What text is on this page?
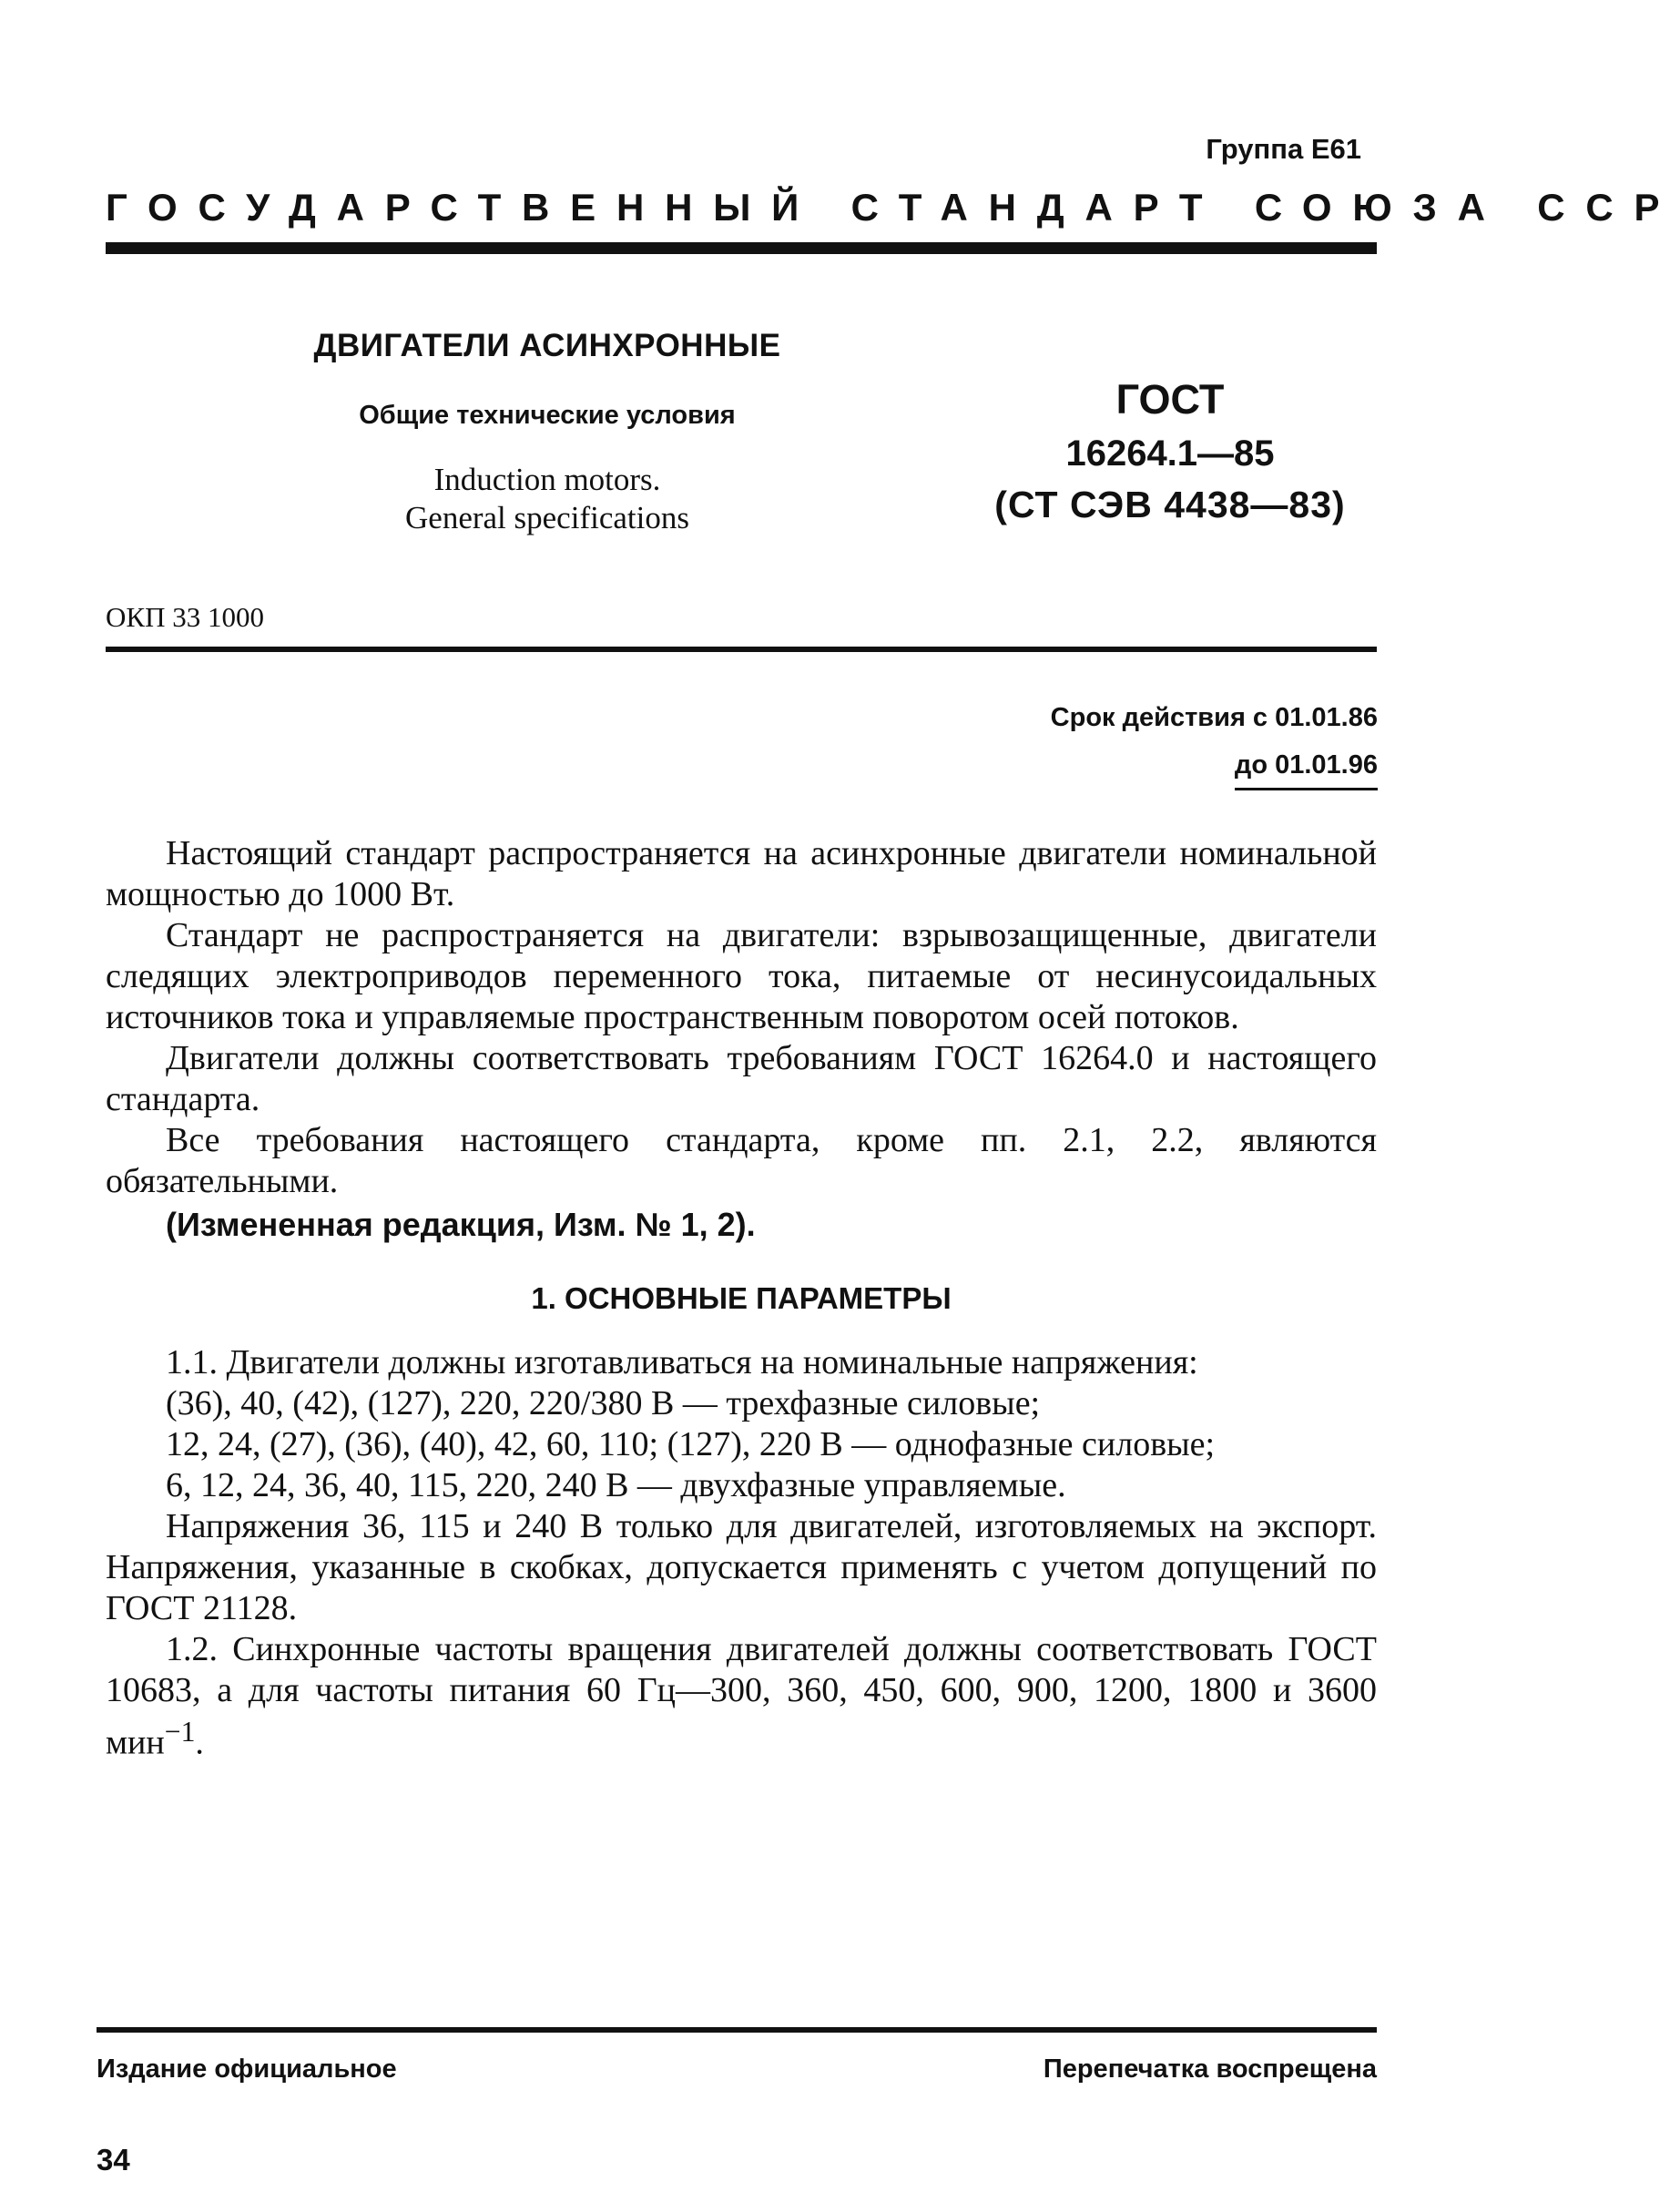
Группа Е61
ГОСУДАРСТВЕННЫЙ СТАНДАРТ СОЮЗА ССР
ДВИГАТЕЛИ АСИНХРОННЫЕ
Общие технические условия
Induction motors.
General specifications
ГОСТ
16264.1—85
(СТ СЭВ 4438—83)
ОКП 33 1000
Срок действия с 01.01.86
до 01.01.96

Настоящий стандарт распространяется на асинхронные двигатели номинальной мощностью до 1000 Вт.

Стандарт не распространяется на двигатели: взрывозащищенные, двигатели следящих электроприводов переменного тока, питаемые от несинусоидальных источников тока и управляемые пространственным поворотом осей потоков.

Двигатели должны соответствовать требованиям ГОСТ 16264.0 и настоящего стандарта.

Все требования настоящего стандарта, кроме пп. 2.1, 2.2, являются обязательными.

(Измененная редакция, Изм. № 1, 2).

1. ОСНОВНЫЕ ПАРАМЕТРЫ

1.1. Двигатели должны изготавливаться на номинальные напряжения:

(36), 40, (42), (127), 220, 220/380 В — трехфазные силовые;

12, 24, (27), (36), (40), 42, 60, 110; (127), 220 В — однофазные силовые;

6, 12, 24, 36, 40, 115, 220, 240 В — двухфазные управляемые.

Напряжения 36, 115 и 240 В только для двигателей, изготовляемых на экспорт. Напряжения, указанные в скобках, допускается применять с учетом допущений по ГОСТ 21128.

1.2. Синхронные частоты вращения двигателей должны соответствовать ГОСТ 10683, а для частоты питания 60 Гц—300, 360, 450, 600, 900, 1200, 1800 и 3600 мин$^{-1}$.

Издание официальное	Перепечатка воспрещена
34
